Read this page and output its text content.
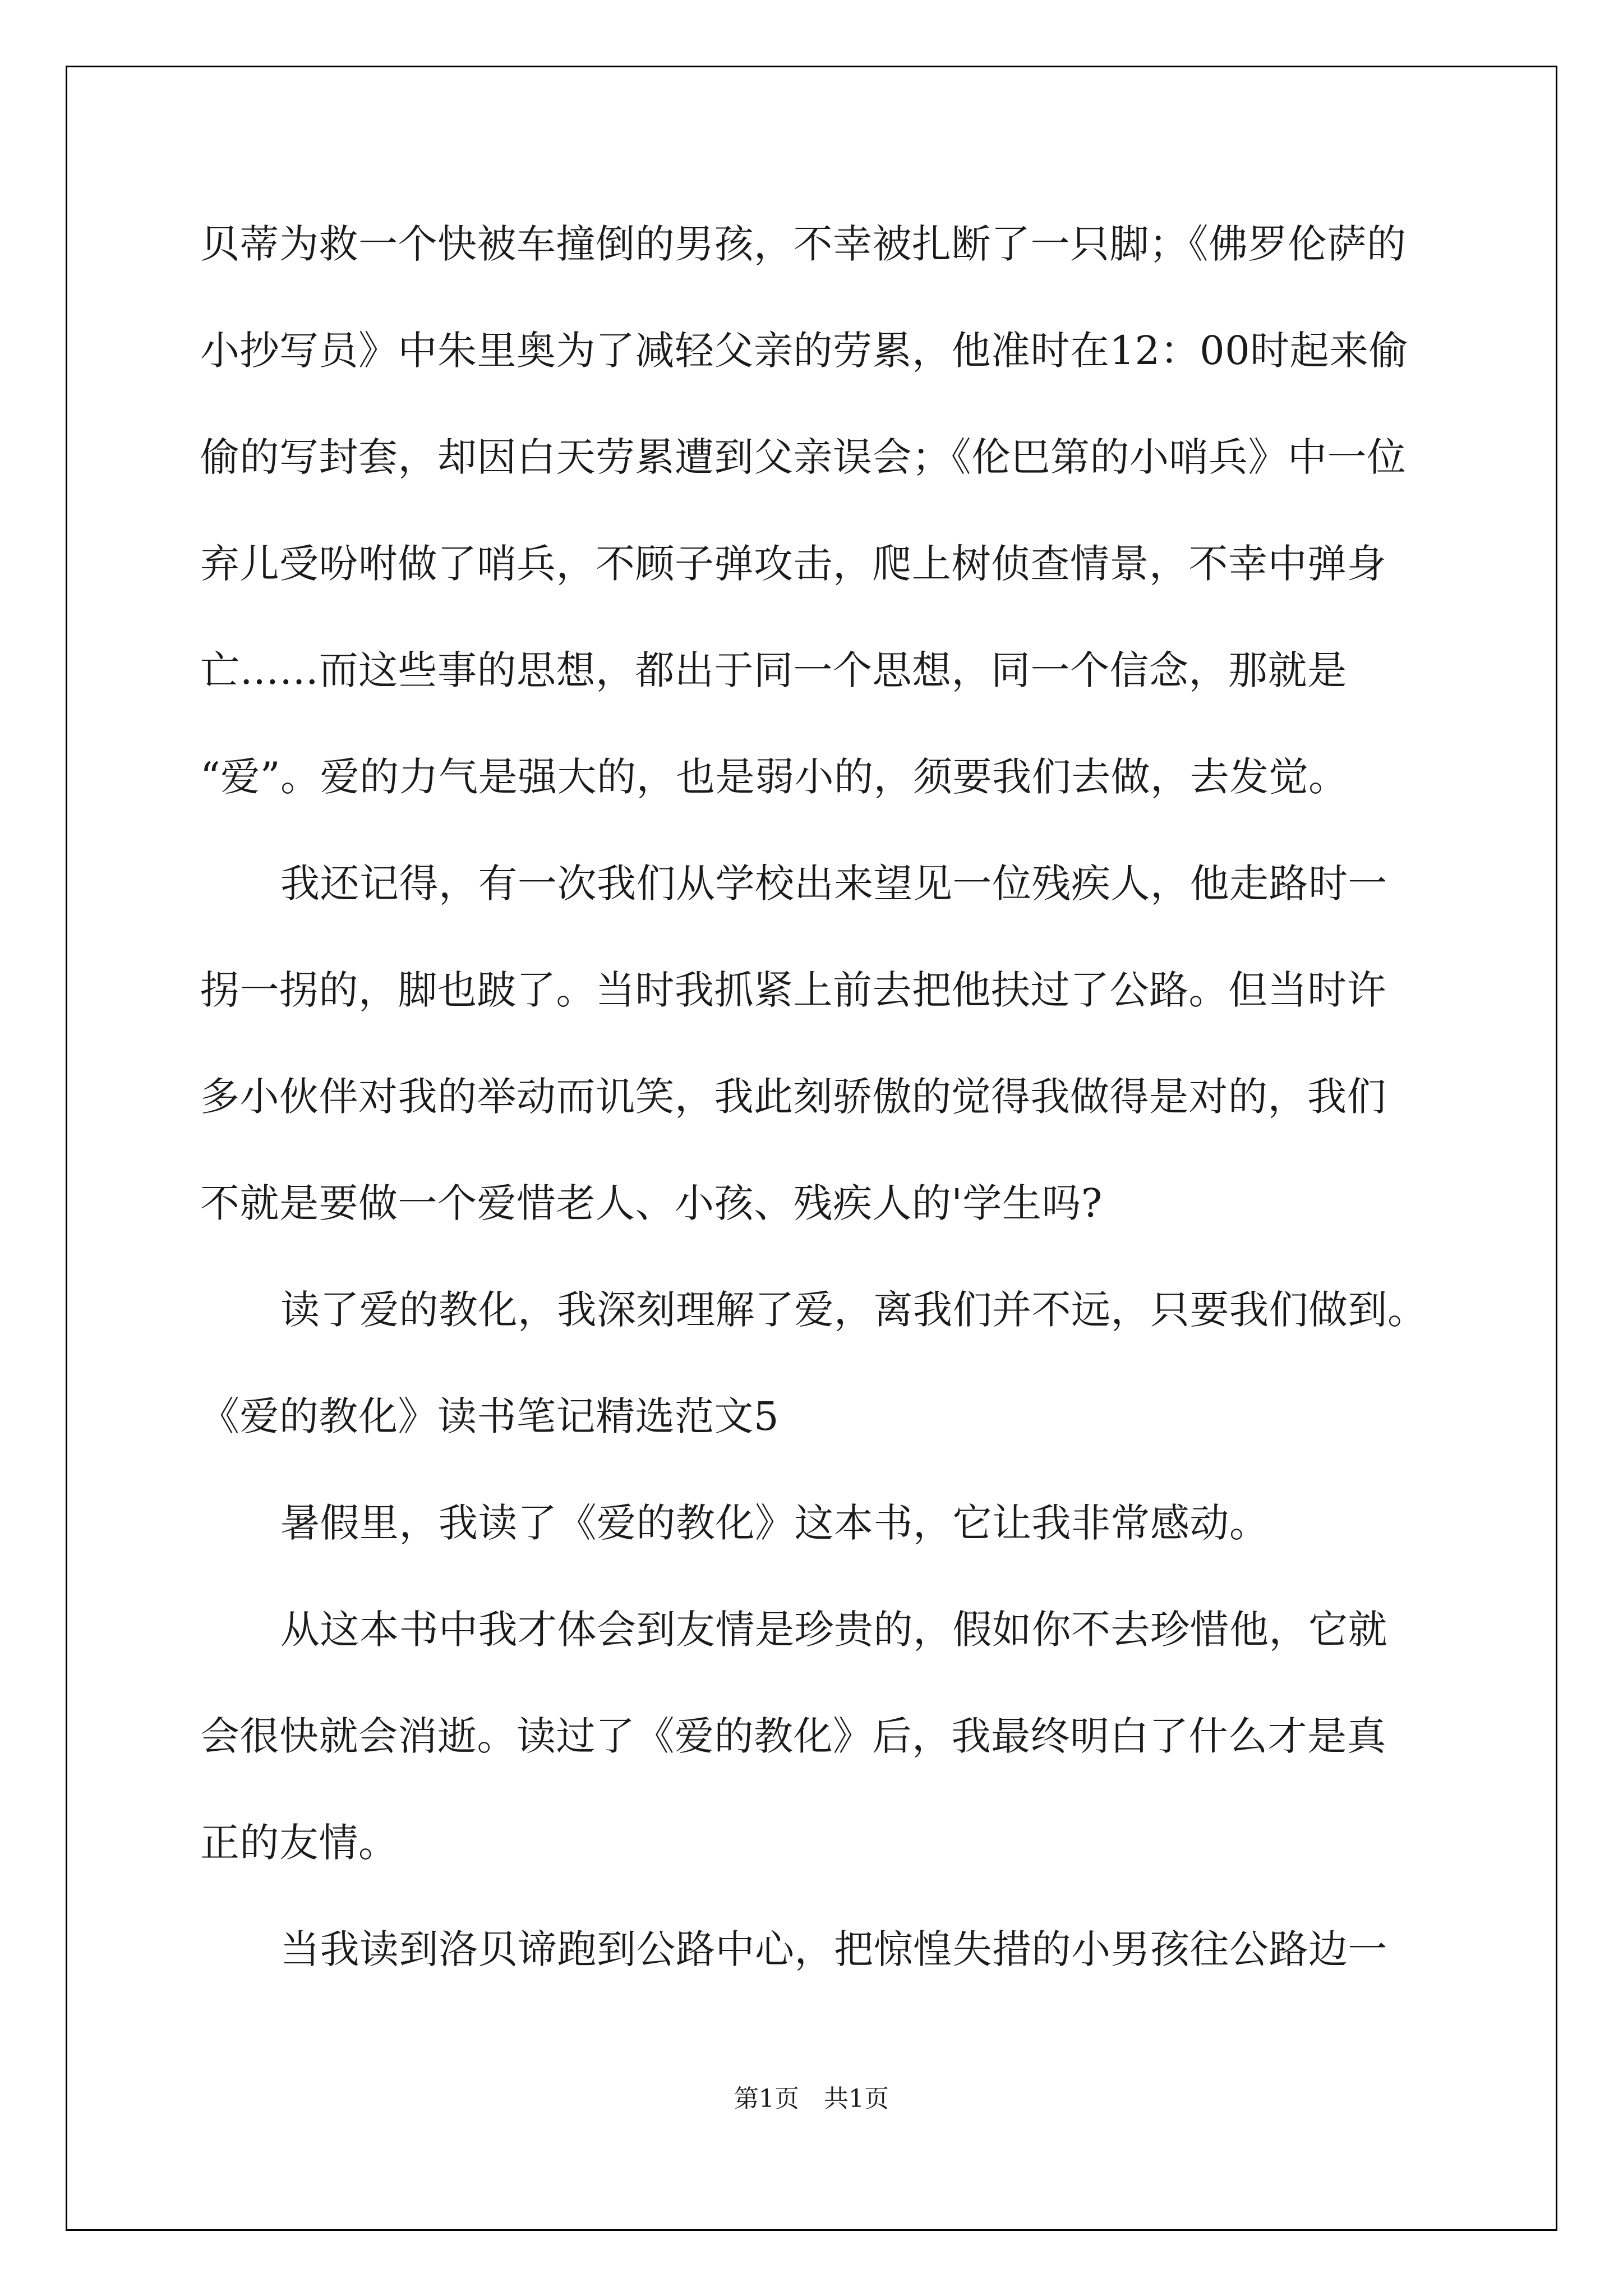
贝蒂为救一个快被车撞倒的男孩，不幸被扎断了一只脚；《佛罗伦萨的
小抄写员》中朱里奥为了减轻父亲的劳累，他准时在12：00时起来偷
偷的写封套，却因白天劳累遭到父亲误会；《伦巴第的小哨兵》中一位
弃儿受吩咐做了哨兵，不顾子弹攻击，爬上树侦查情景，不幸中弹身
亡……而这些事的思想，都出于同一个思想，同一个信念，那就是
“爱”。爱的力气是强大的，也是弱小的，须要我们去做，去发觉。
我还记得，有一次我们从学校出来望见一位残疾人，他走路时一
拐一拐的，脚也跛了。当时我抓紧上前去把他扶过了公路。但当时许
多小伙伴对我的举动而讥笑，我此刻骄傲的觉得我做得是对的，我们
不就是要做一个爱惜老人、小孩、残疾人的'学生吗?
读了爱的教化，我深刻理解了爱，离我们并不远，只要我们做到。
《爱的教化》读书笔记精选范文5
暑假里，我读了《爱的教化》这本书，它让我非常感动。
从这本书中我才体会到友情是珍贵的，假如你不去珍惜他，它就
会很快就会消逝。读过了《爱的教化》后，我最终明白了什么才是真
正的友情。
当我读到洛贝谛跑到公路中心，把惊惶失措的小男孩往公路边一
第1页　共1页
